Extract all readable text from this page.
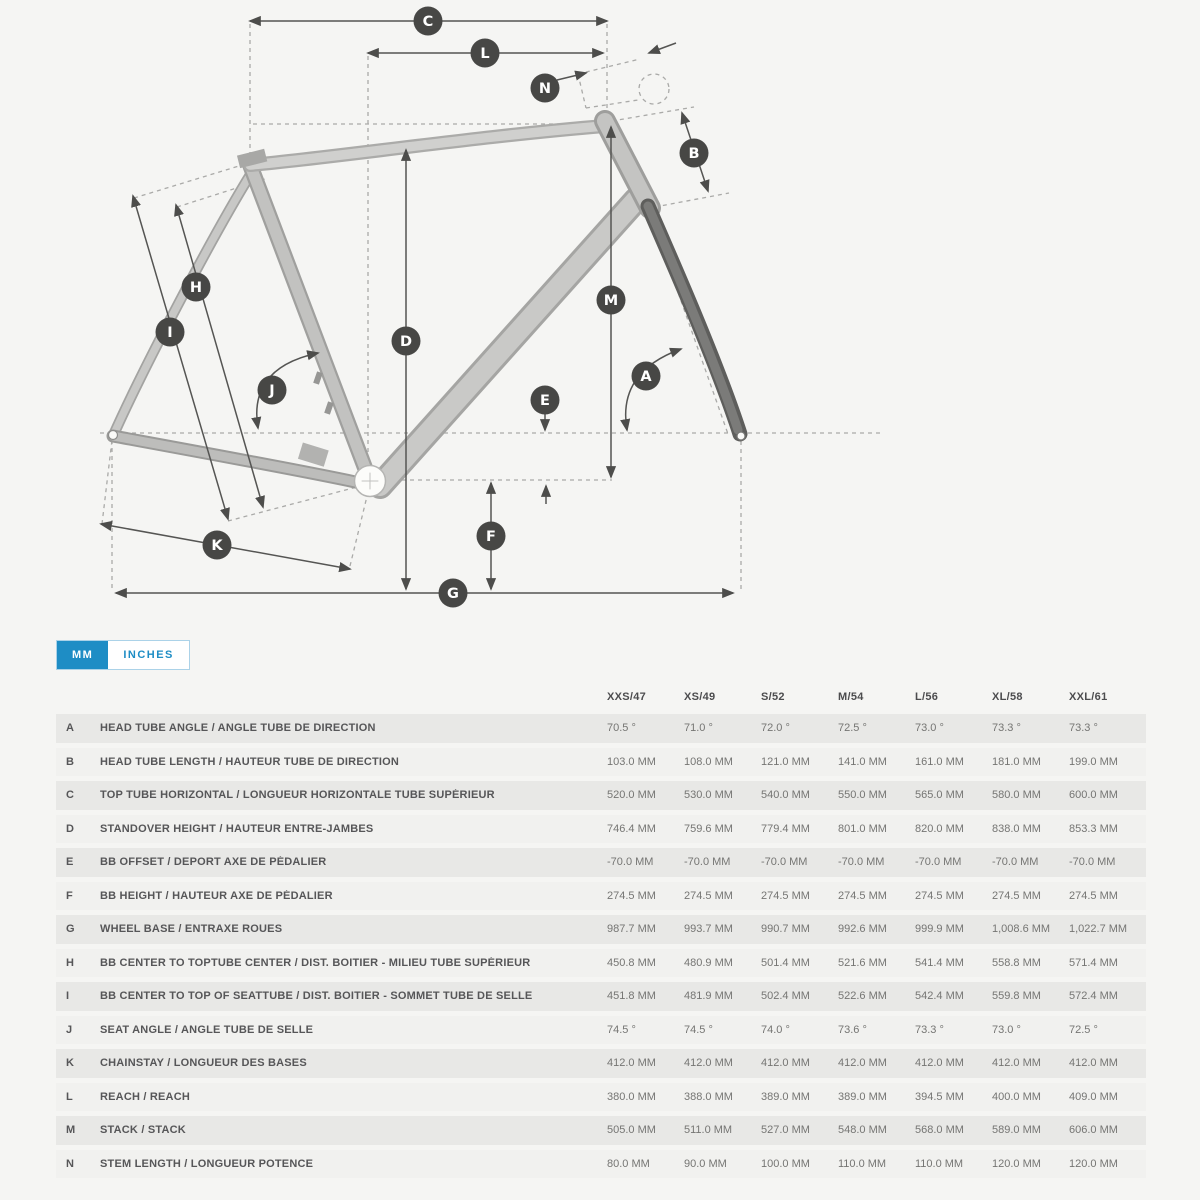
A
B
C
D
E
F
G
H
I
J
K
L
M
N
MM	INCHES
XXS/47	XS/49	S/52	M/54	L/56	XL/58	XXL/61
A	HEAD TUBE ANGLE / ANGLE TUBE DE DIRECTION	70.5 °	71.0 °	72.0 °	72.5 °	73.0 °	73.3 °	73.3 °
B	HEAD TUBE LENGTH / HAUTEUR TUBE DE DIRECTION	103.0 MM	108.0 MM	121.0 MM	141.0 MM	161.0 MM	181.0 MM	199.0 MM
C	TOP TUBE HORIZONTAL / LONGUEUR HORIZONTALE TUBE SUPÉRIEUR	520.0 MM	530.0 MM	540.0 MM	550.0 MM	565.0 MM	580.0 MM	600.0 MM
D	STANDOVER HEIGHT / HAUTEUR ENTRE-JAMBES	746.4 MM	759.6 MM	779.4 MM	801.0 MM	820.0 MM	838.0 MM	853.3 MM
E	BB OFFSET / DEPORT AXE DE PÉDALIER	-70.0 MM	-70.0 MM	-70.0 MM	-70.0 MM	-70.0 MM	-70.0 MM	-70.0 MM
F	BB HEIGHT / HAUTEUR AXE DE PÉDALIER	274.5 MM	274.5 MM	274.5 MM	274.5 MM	274.5 MM	274.5 MM	274.5 MM
G	WHEEL BASE / ENTRAXE ROUES	987.7 MM	993.7 MM	990.7 MM	992.6 MM	999.9 MM	1,008.6 MM	1,022.7 MM
H	BB CENTER TO TOPTUBE CENTER / DIST. BOITIER - MILIEU TUBE SUPÉRIEUR	450.8 MM	480.9 MM	501.4 MM	521.6 MM	541.4 MM	558.8 MM	571.4 MM
I	BB CENTER TO TOP OF SEATTUBE / DIST. BOITIER - SOMMET TUBE DE SELLE	451.8 MM	481.9 MM	502.4 MM	522.6 MM	542.4 MM	559.8 MM	572.4 MM
J	SEAT ANGLE / ANGLE TUBE DE SELLE	74.5 °	74.5 °	74.0 °	73.6 °	73.3 °	73.0 °	72.5 °
K	CHAINSTAY / LONGUEUR DES BASES	412.0 MM	412.0 MM	412.0 MM	412.0 MM	412.0 MM	412.0 MM	412.0 MM
L	REACH / REACH	380.0 MM	388.0 MM	389.0 MM	389.0 MM	394.5 MM	400.0 MM	409.0 MM
M	STACK / STACK	505.0 MM	511.0 MM	527.0 MM	548.0 MM	568.0 MM	589.0 MM	606.0 MM
N	STEM LENGTH / LONGUEUR POTENCE	80.0 MM	90.0 MM	100.0 MM	110.0 MM	110.0 MM	120.0 MM	120.0 MM
